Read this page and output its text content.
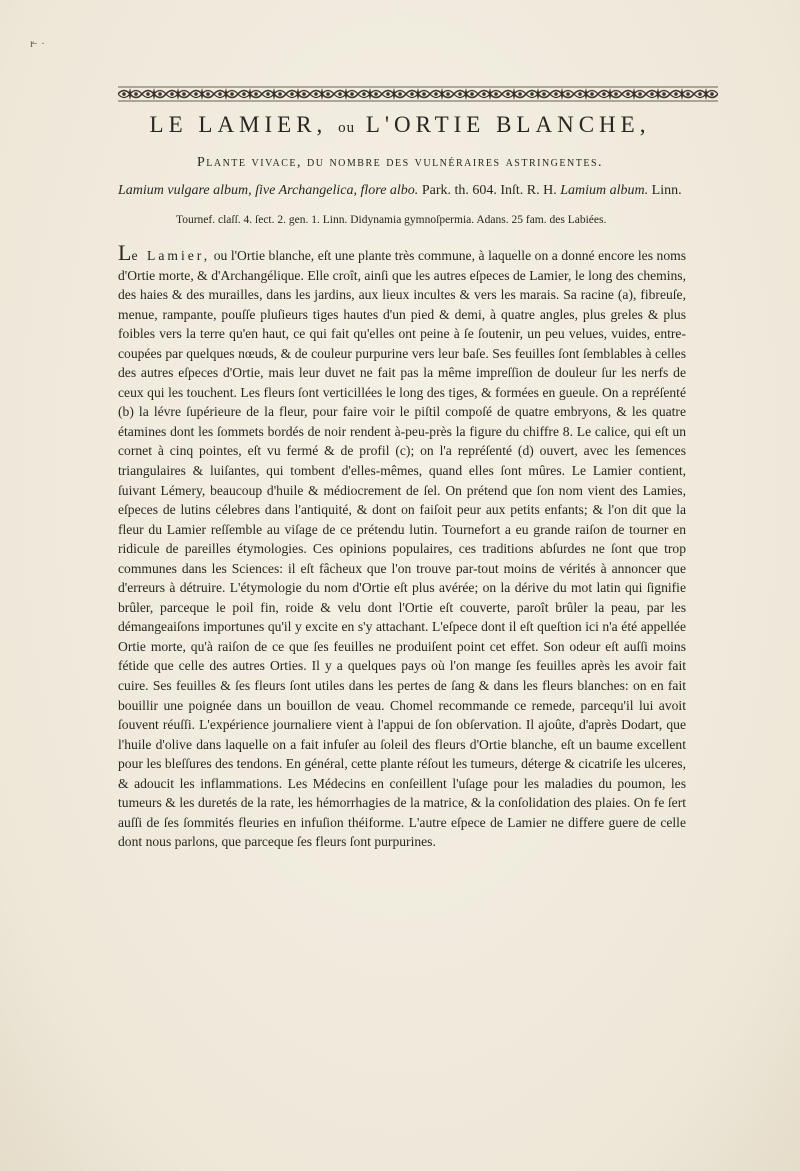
r̶ ·
LE LAMIER, ou L'ORTIE BLANCHE,

Plante vivace, du nombre des vulnéraires astringentes.

Lamium vulgare album, ſive Archangelica, flore albo. Park. th. 604. Inſt. R. H. Lamium album. Linn.
Tournef. claſſ. 4. ſect. 2. gen. 1. Linn. Didynamia gymnoſpermia. Adans. 25 fam. des Labiées.

Le Lamier, ou l'Ortie blanche, eſt une plante très commune, à laquelle on a donné encore les noms d'Ortie morte, & d'Archangélique. Elle croît, ainſi que les autres eſpeces de Lamier, le long des chemins, des haies & des murailles, dans les jardins, aux lieux incultes & vers les marais. Sa racine (a), fibreuſe, menue, rampante, pouſſe pluſieurs tiges hautes d'un pied & demi, à quatre angles, plus greles & plus foibles vers la terre qu'en haut, ce qui fait qu'elles ont peine à ſe ſoutenir, un peu velues, vuides, entre-coupées par quelques nœuds, & de couleur purpurine vers leur baſe. Ses feuilles ſont ſemblables à celles des autres eſpeces d'Ortie, mais leur duvet ne fait pas la même impreſſion de douleur ſur les nerfs de ceux qui les touchent. Les fleurs ſont verticillées le long des tiges, & formées en gueule. On a repréſenté (b) la lévre ſupérieure de la fleur, pour faire voir le piſtil compoſé de quatre embryons, & les quatre étamines dont les ſommets bordés de noir rendent à-peu-près la figure du chiffre 8. Le calice, qui eſt un cornet à cinq pointes, eſt vu fermé & de profil (c); on l'a repréſenté (d) ouvert, avec les ſemences triangulaires & luiſantes, qui tombent d'elles-mêmes, quand elles ſont mûres. Le Lamier contient, ſuivant Lémery, beaucoup d'huile & médiocrement de ſel. On prétend que ſon nom vient des Lamies, eſpeces de lutins célebres dans l'antiquité, & dont on faiſoit peur aux petits enfants; & l'on dit que la fleur du Lamier reſſemble au viſage de ce prétendu lutin. Tournefort a eu grande raiſon de tourner en ridicule de pareilles étymologies. Ces opinions populaires, ces traditions abſurdes ne ſont que trop communes dans les Sciences: il eſt fâcheux que l'on trouve par-tout moins de vérités à annoncer que d'erreurs à détruire. L'étymologie du nom d'Ortie eſt plus avérée; on la dérive du mot latin qui ſignifie brûler, parceque le poil fin, roide & velu dont l'Ortie eſt couverte, paroît brûler la peau, par les démangeaiſons importunes qu'il y excite en s'y attachant. L'eſpece dont il eſt queſtion ici n'a été appellée Ortie morte, qu'à raiſon de ce que ſes feuilles ne produiſent point cet effet. Son odeur eſt auſſi moins fétide que celle des autres Orties. Il y a quelques pays où l'on mange ſes feuilles après les avoir fait cuire. Ses feuilles & ſes fleurs ſont utiles dans les pertes de ſang & dans les fleurs blanches: on en fait bouillir une poignée dans un bouillon de veau. Chomel recommande ce remede, parcequ'il lui avoit ſouvent réuſſi. L'expérience journaliere vient à l'appui de ſon obſervation. Il ajoûte, d'après Dodart, que l'huile d'olive dans laquelle on a fait infuſer au ſoleil des fleurs d'Ortie blanche, eſt un baume excellent pour les bleſſures des tendons. En général, cette plante réſout les tumeurs, déterge & cicatriſe les ulceres, & adoucit les inflammations. Les Médecins en conſeillent l'uſage pour les maladies du poumon, les tumeurs & les duretés de la rate, les hémorrhagies de la matrice, & la conſolidation des plaies. On fe ſert auſſi de ſes ſommités fleuries en infuſion théiforme. L'autre eſpece de Lamier ne differe guere de celle dont nous parlons, que parceque ſes fleurs ſont purpurines.
